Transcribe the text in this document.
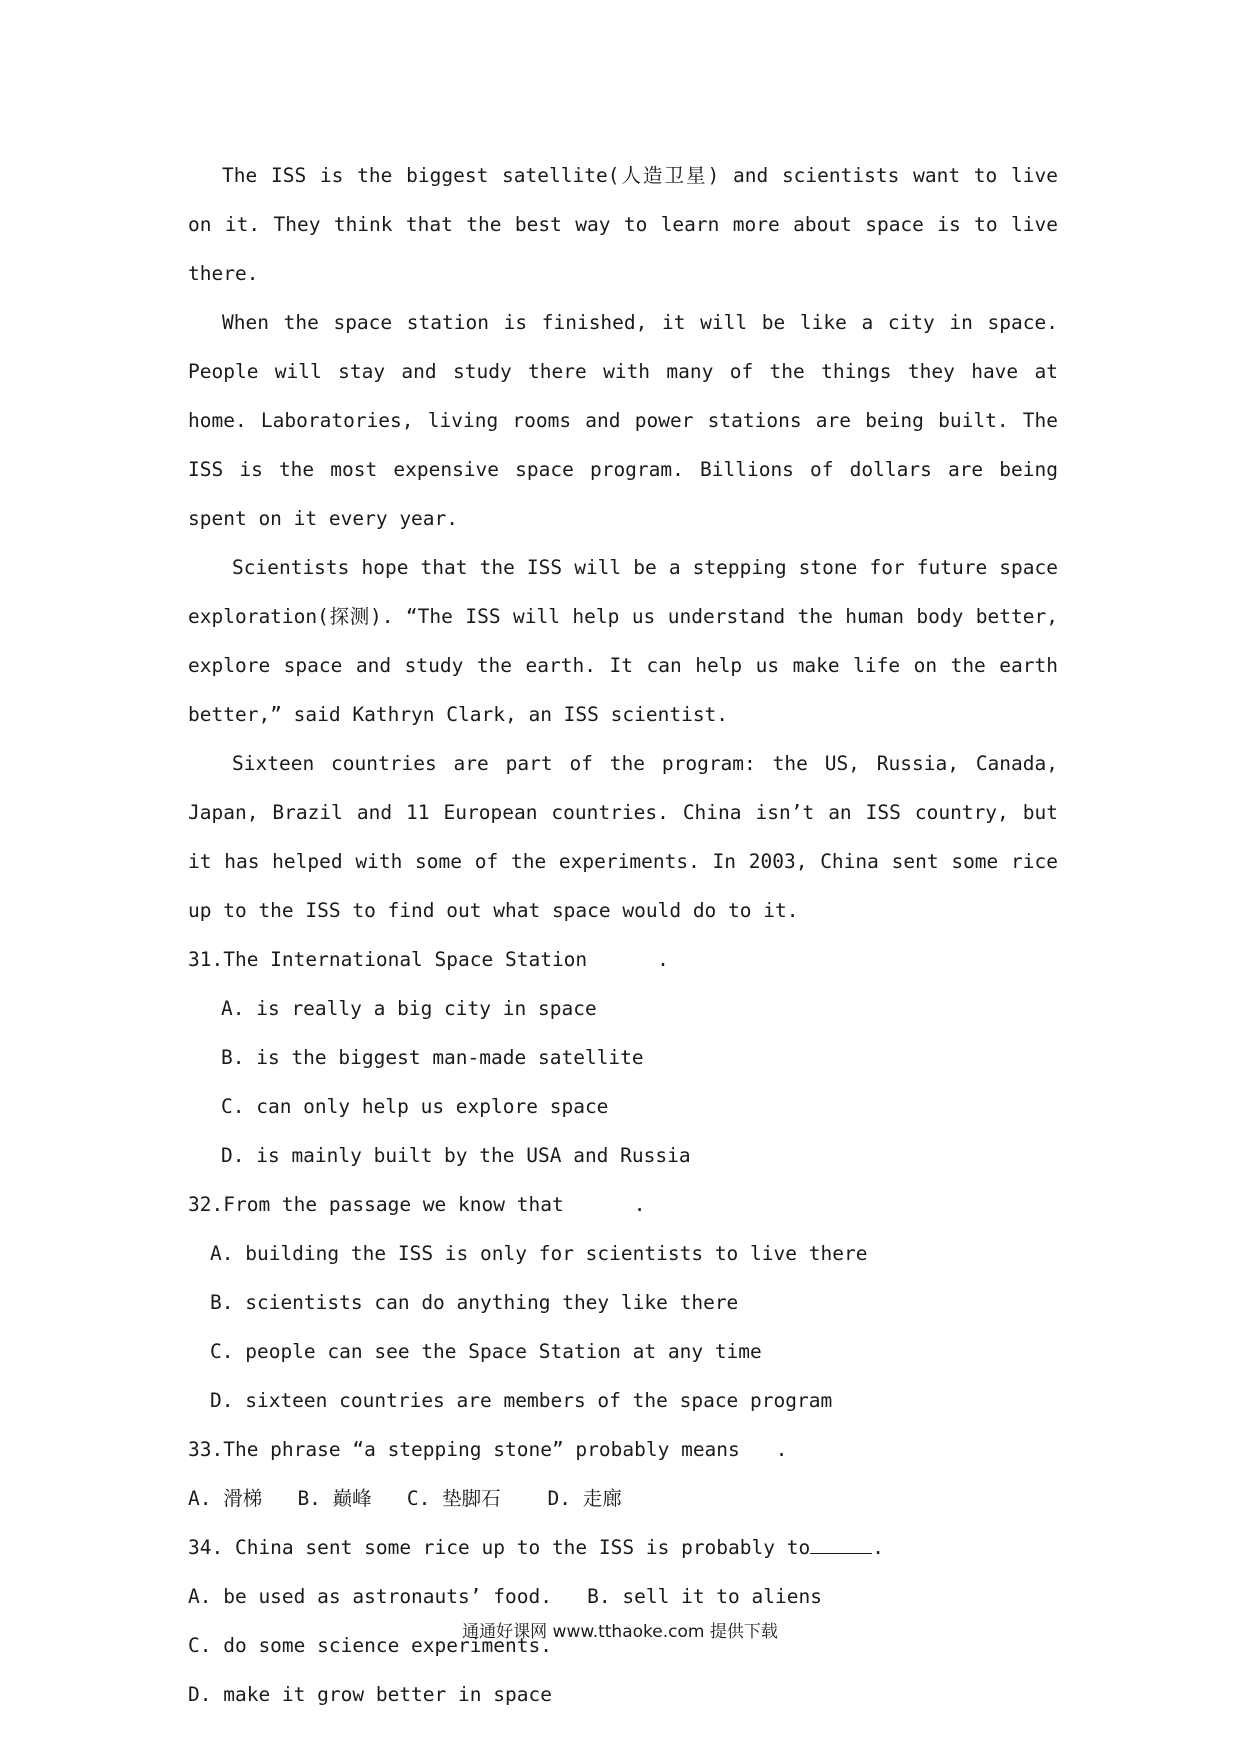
The ISS is the biggest satellite(人造卫星) and scientists want to live on it. They think that the best way to learn more about space is to live there.

When the space station is finished, it will be like a city in space. People will stay and study there with many of the things they have at home. Laboratories, living rooms and power stations are being built. The ISS is the most expensive space program. Billions of dollars are being spent on it every year.

Scientists hope that the ISS will be a stepping stone for future space exploration(探测). “The ISS will help us understand the human body better, explore space and study the earth. It can help us make life on the earth better,” said Kathryn Clark, an ISS scientist.

Sixteen countries are part of the program: the US, Russia, Canada, Japan, Brazil and 11 European countries. China isn’t an ISS country, but it has helped with some of the experiments. In 2003, China sent some rice up to the ISS to find out what space would do to it.

31.The International Space Station	.

A. is really a big city in space

B. is the biggest man-made satellite

C. can only help us explore space

D. is mainly built by the USA and Russia

32.From the passage we know that	.

A. building the ISS is only for scientists to live there

B. scientists can do anything they like there

C. people can see the Space Station at any time

D. sixteen countries are members of the space program

33.The phrase “a stepping stone” probably means .

A. 滑梯   B. 巅峰   C. 垫脚石    D. 走廊

34. China sent some rice up to the ISS is probably to	.

A. be used as astronauts’ food.   B. sell it to aliens

C. do some science experiments.

D. make it grow better in space

通通好课网 www.tthaoke.com 提供下载
